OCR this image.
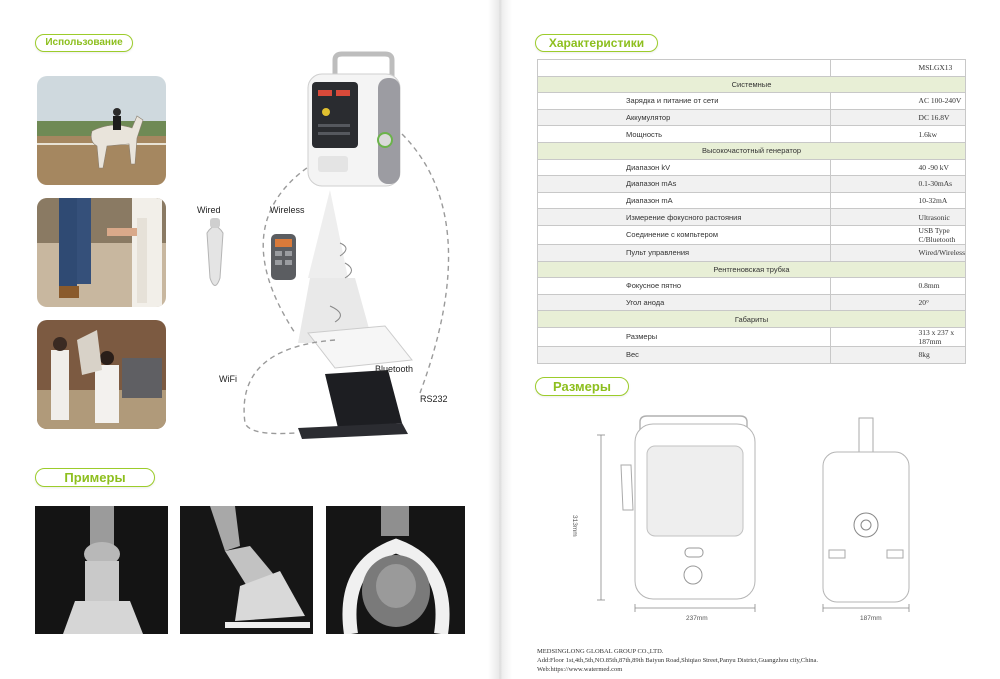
Использование
Wired	Wireless
WiFi
Bluetooth
RS232
Примеры
Характеристики
	MSLGX13
Системные	
Зарядка и питание от сети	AC 100-240V
Аккумулятор	DC 16.8V
Мощность	1.6kw
Высокочастотный генератор	
Диапазон kV	40 -90 kV
Диапазон mAs	0.1-30mAs
Диапазон mA	10-32mA
Измерение фокусного растояния	Ultrasonic
Соединение с компьтером	USB Type C/Bluetooth
Пульт управления	Wired/Wireless
Рентгеновская трубка	
Фокусное пятно	0.8mm
Угол анода	20°
Габариты	
Размеры	313 x 237 x 187mm
Вес	8kg
Размеры
313mm
237mm	187mm
MEDSINGLONG GLOBAL GROUP CO.,LTD.
Add:Floor 1st,4th,5th,NO.85th,87th,89th Baiyun Road,Shiqiao Street,Panyu District,Guangzhou city,China.
Web:https://www.watermed.com
